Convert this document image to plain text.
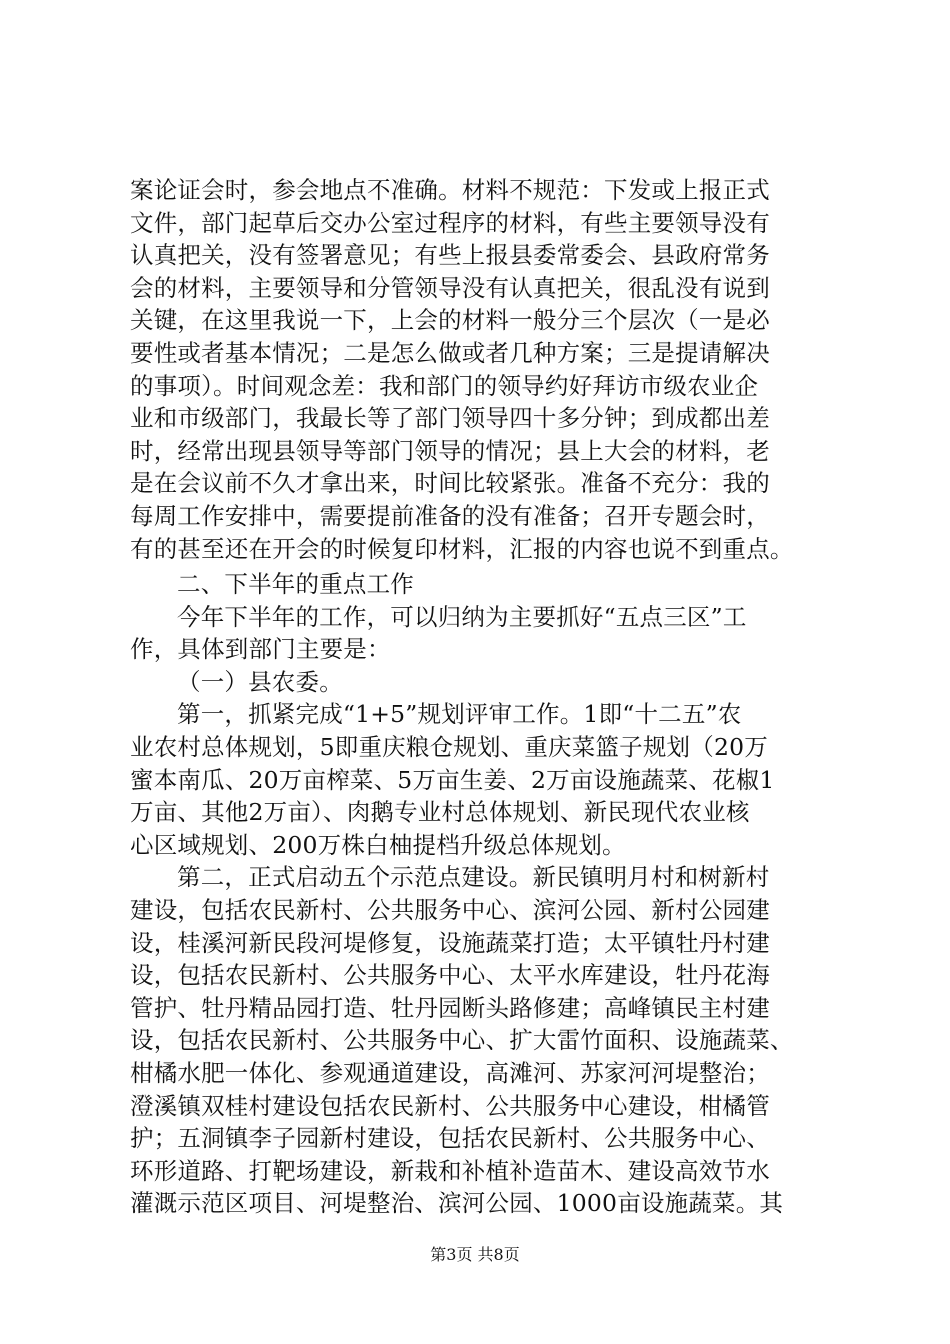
案论证会时，参会地点不准确。材料不规范：下发或上报正式
文件，部门起草后交办公室过程序的材料，有些主要领导没有
认真把关，没有签署意见；有些上报县委常委会、县政府常务
会的材料，主要领导和分管领导没有认真把关，很乱没有说到
关键，在这里我说一下，上会的材料一般分三个层次（一是必
要性或者基本情况；二是怎么做或者几种方案；三是提请解决
的事项）。时间观念差：我和部门的领导约好拜访市级农业企
业和市级部门，我最长等了部门领导四十多分钟；到成都出差
时，经常出现县领导等部门领导的情况；县上大会的材料，老
是在会议前不久才拿出来，时间比较紧张。准备不充分：我的
每周工作安排中，需要提前准备的没有准备；召开专题会时，
有的甚至还在开会的时候复印材料，汇报的内容也说不到重点。
二、下半年的重点工作
今年下半年的工作，可以归纳为主要抓好“五点三区”工
作，具体到部门主要是：
（一）县农委。
第一，抓紧完成“1+5”规划评审工作。1即“十二五”农
业农村总体规划，5即重庆粮仓规划、重庆菜篮子规划（20万
蜜本南瓜、20万亩榨菜、5万亩生姜、2万亩设施蔬菜、花椒1
万亩、其他2万亩）、肉鹅专业村总体规划、新民现代农业核
心区域规划、200万株白柚提档升级总体规划。
第二，正式启动五个示范点建设。新民镇明月村和树新村
建设，包括农民新村、公共服务中心、滨河公园、新村公园建
设，桂溪河新民段河堤修复，设施蔬菜打造；太平镇牡丹村建
设，包括农民新村、公共服务中心、太平水库建设，牡丹花海
管护、牡丹精品园打造、牡丹园断头路修建；高峰镇民主村建
设，包括农民新村、公共服务中心、扩大雷竹面积、设施蔬菜、
柑橘水肥一体化、参观通道建设，高滩河、苏家河河堤整治；
澄溪镇双桂村建设包括农民新村、公共服务中心建设，柑橘管
护；五洞镇李子园新村建设，包括农民新村、公共服务中心、
环形道路、打靶场建设，新栽和补植补造苗木、建设高效节水
灌溉示范区项目、河堤整治、滨河公园、1000亩设施蔬菜。其
第3页 共8页
